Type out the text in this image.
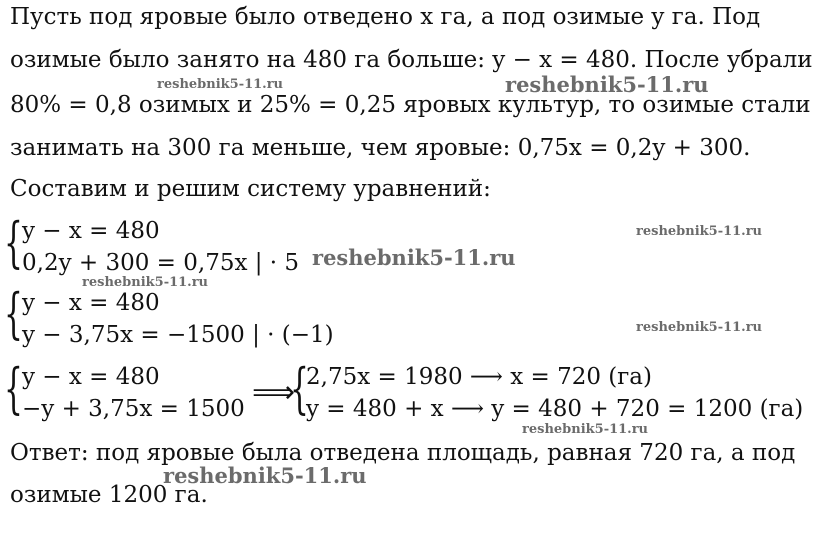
Пусть под яровые было отведено x га, а под озимые y га. Под
озимые было занято на 480 га больше: y − x = 480. После убрали
80% = 0,8 озимых и 25% = 0,25 яровых культур, то озимые стали
занимать на 300 га меньше, чем яровые: 0,75x = 0,2y + 300.
Составим и решим систему уравнений:
{ y − x = 480
0,2y + 300 = 0,75x | · 5
{ y − x = 480
y − 3,75x = −1500 | · (−1)
{ y − x = 480
−y + 3,75x = 1500 ⟹
{
2,75x = 1980 ⟶ x = 720 (га)
y = 480 + x ⟶ y = 480 + 720 = 1200 (га)
Ответ: под яровые была отведена площадь, равная 720 га, а под
озимые 1200 га.
reshebnik5-11.ru	reshebnik5-11.ru
reshebnik5-11.ru
reshebnik5-11.ru
reshebnik5-11.ru
reshebnik5-11.ru
reshebnik5-11.ru
reshebnik5-11.ru
